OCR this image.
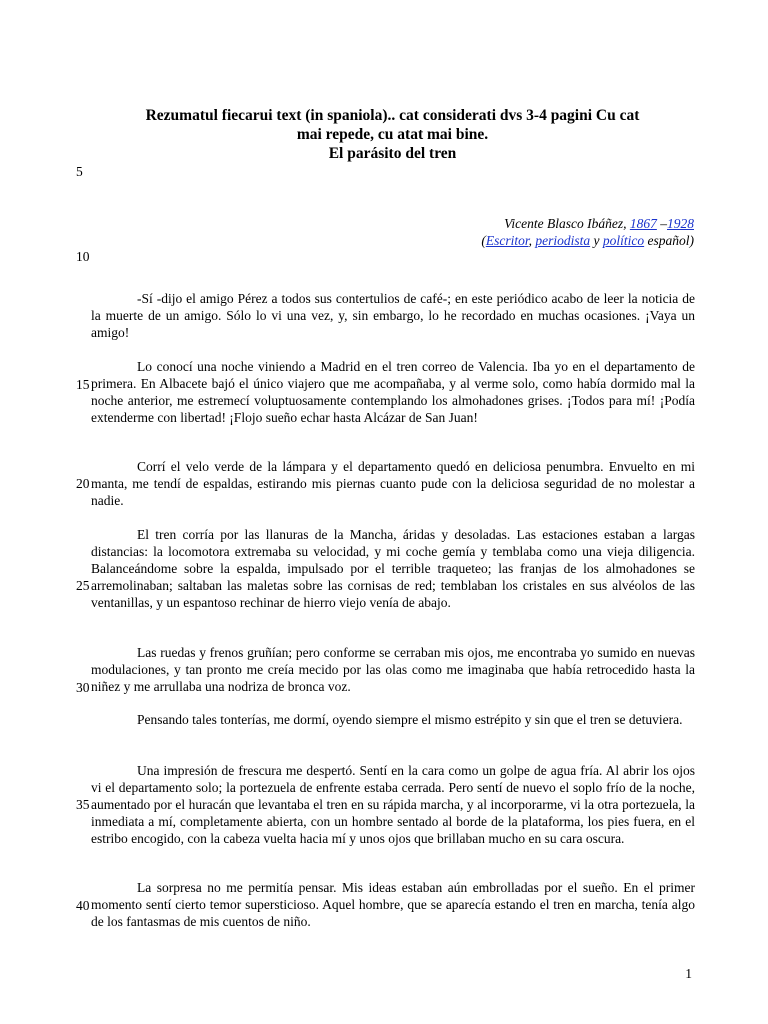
Rezumatul fiecarui text (in spaniola).. cat considerati dvs 3-4 pagini Cu cat
mai repede, cu atat mai bine.
El parásito del tren
5
10
15
20
25
30
35
40
Vicente Blasco Ibáñez, 1867 –1928
(Escritor, periodista y político español)

-Sí -dijo el amigo Pérez a todos sus contertulios de café-; en este periódico acabo de leer la noticia de la muerte de un amigo. Sólo lo vi una vez, y, sin embargo, lo he recordado en muchas ocasiones. ¡Vaya un amigo!

Lo conocí una noche viniendo a Madrid en el tren correo de Valencia. Iba yo en el departamento de primera. En Albacete bajó el único viajero que me acompañaba, y al verme solo, como había dormido mal la noche anterior, me estremecí voluptuosamente contemplando los almohadones grises. ¡Todos para mí! ¡Podía extenderme con libertad! ¡Flojo sueño echar hasta Alcázar de San Juan!

Corrí el velo verde de la lámpara y el departamento quedó en deliciosa penumbra. Envuelto en mi manta, me tendí de espaldas, estirando mis piernas cuanto pude con la deliciosa seguridad de no molestar a nadie.

El tren corría por las llanuras de la Mancha, áridas y desoladas. Las estaciones estaban a largas distancias: la locomotora extremaba su velocidad, y mi coche gemía y temblaba como una vieja diligencia. Balanceándome sobre la espalda, impulsado por el terrible traqueteo; las franjas de los almohadones se arremolinaban; saltaban las maletas sobre las cornisas de red; temblaban los cristales en sus alvéolos de las ventanillas, y un espantoso rechinar de hierro viejo venía de abajo.

Las ruedas y frenos gruñían; pero conforme se cerraban mis ojos, me encontraba yo sumido en nuevas modulaciones, y tan pronto me creía mecido por las olas como me imaginaba que había retrocedido hasta la niñez y me arrullaba una nodriza de bronca voz.

Pensando tales tonterías, me dormí, oyendo siempre el mismo estrépito y sin que el tren se detuviera.

Una impresión de frescura me despertó. Sentí en la cara como un golpe de agua fría. Al abrir los ojos vi el departamento solo; la portezuela de enfrente estaba cerrada. Pero sentí de nuevo el soplo frío de la noche, aumentado por el huracán que levantaba el tren en su rápida marcha, y al incorporarme, vi la otra portezuela, la inmediata a mí, completamente abierta, con un hombre sentado al borde de la plataforma, los pies fuera, en el estribo encogido, con la cabeza vuelta hacia mí y unos ojos que brillaban mucho en su cara oscura.

La sorpresa no me permitía pensar. Mis ideas estaban aún embrolladas por el sueño. En el primer momento sentí cierto temor supersticioso. Aquel hombre, que se aparecía estando el tren en marcha, tenía algo de los fantasmas de mis cuentos de niño.

1
